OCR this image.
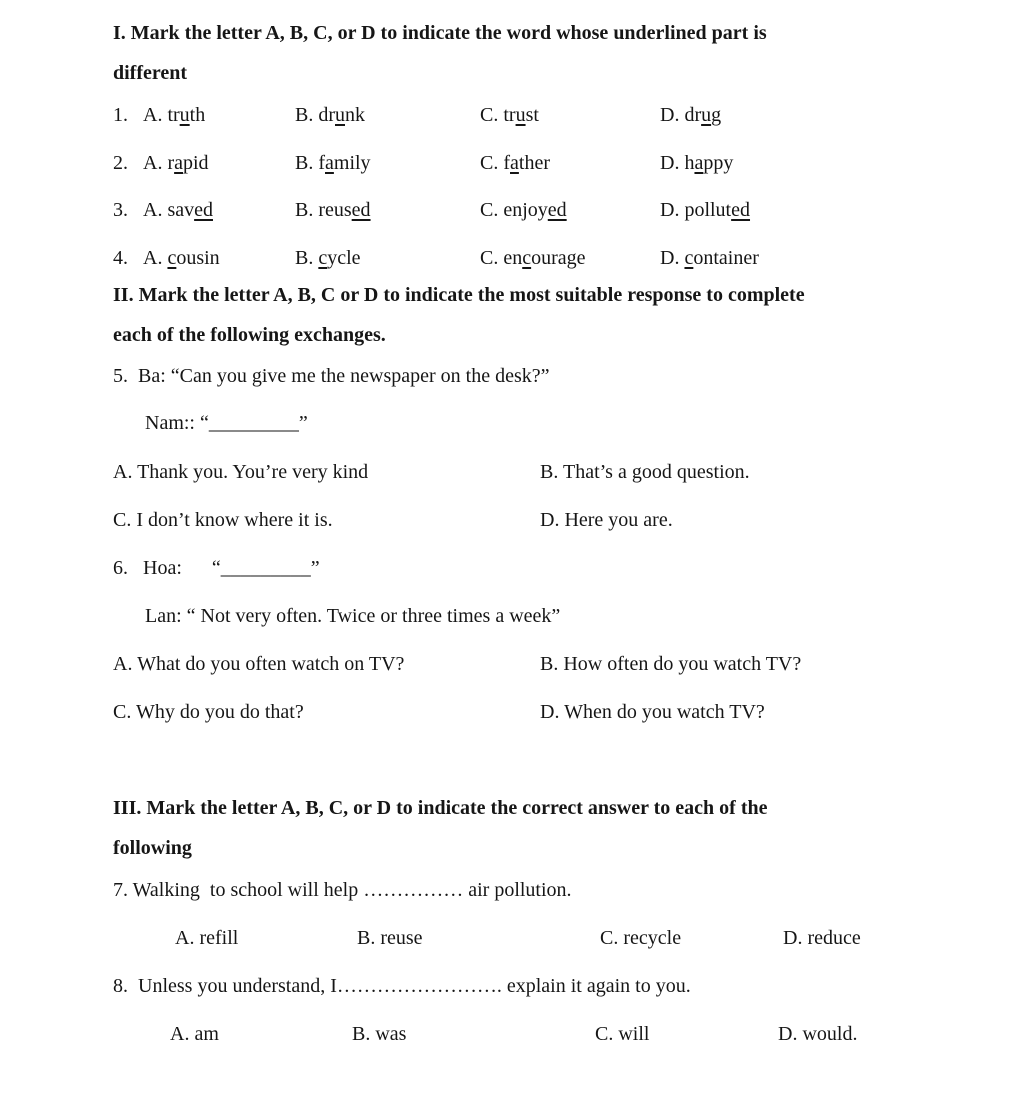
I. Mark the letter A, B, C, or D to indicate the word whose underlined part is
different
1. A. truth	B. drunk	C. trust	D. drug
2. A. rapid	B. family	C. father	D. happy
3. A. saved	B. reused	C. enjoyed	D. polluted
4. A. cousin	B. cycle	C. encourage	D. container
II. Mark the letter A, B, C or D to indicate the most suitable response to complete
each of the following exchanges.
5.  Ba: “Can you give me the newspaper on the desk?”
Nam:: “_________”
A. Thank you. You’re very kind	B. That’s a good question.
C. I don’t know where it is.	D. Here you are.
6.   Hoa:      “_________”
Lan: “ Not very often. Twice or three times a week”
A. What do you often watch on TV?	B. How often do you watch TV?
C. Why do you do that?	D. When do you watch TV?
III. Mark the letter A, B, C, or D to indicate the correct answer to each of the
following
7. Walking  to school will help …………… air pollution.
A. refill	B. reuse	C. recycle	D. reduce
8.  Unless you understand, I……………………. explain it again to you.
A. am	B. was	C. will	D. would.
